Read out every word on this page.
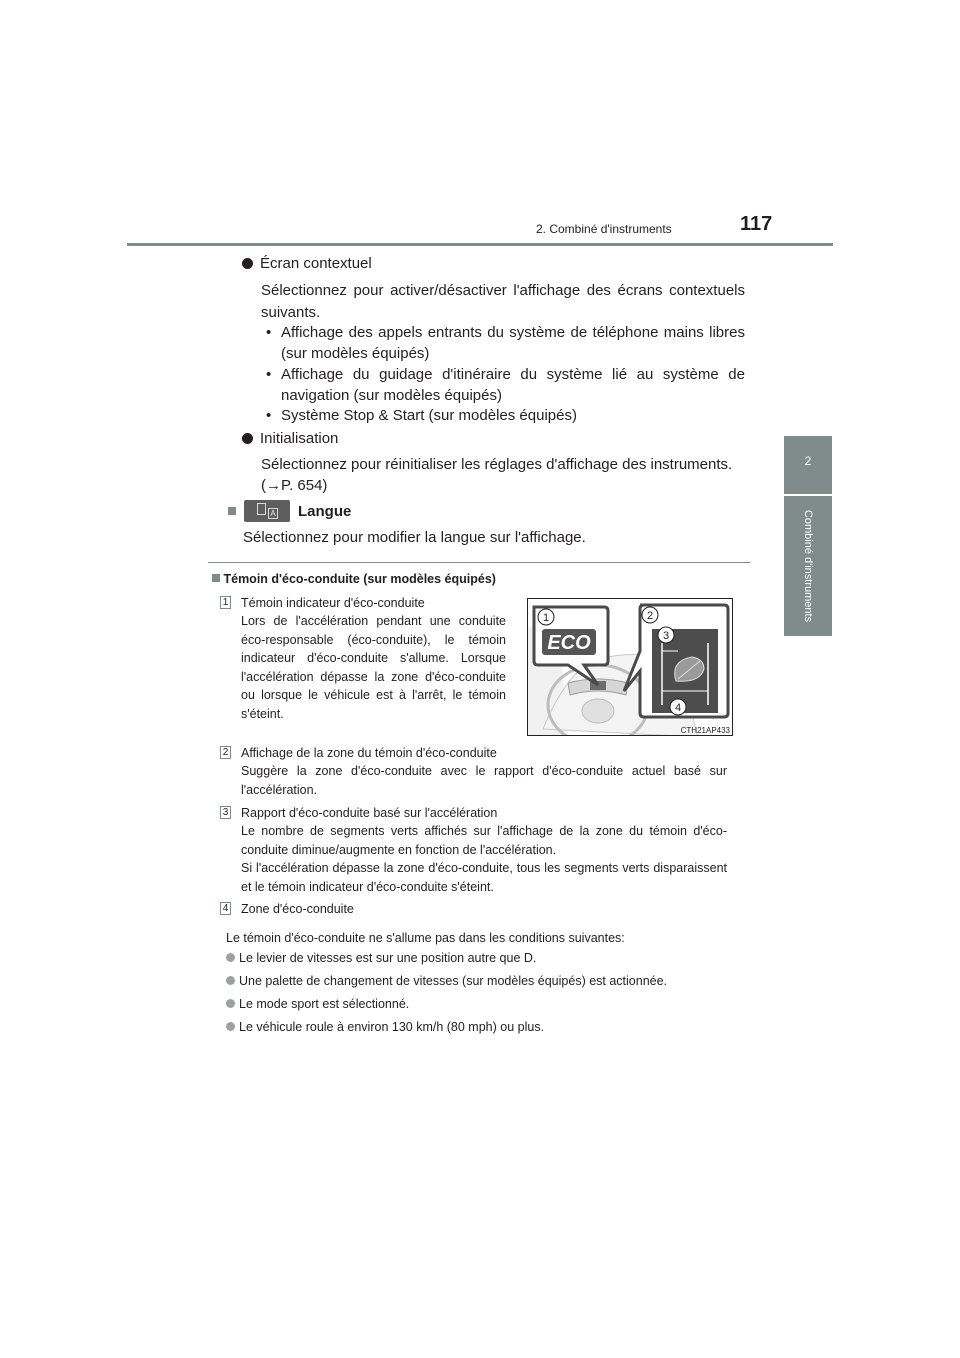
2. Combiné d'instruments	117
2
Combiné d'instruments
Écran contextuel
Sélectionnez pour activer/désactiver l'affichage des écrans contextuels suivants.
• Affichage des appels entrants du système de téléphone mains libres (sur modèles équipés)
• Affichage du guidage d'itinéraire du système lié au système de navigation (sur modèles équipés)
• Système Stop & Start (sur modèles équipés)
Initialisation
Sélectionnez pour réinitialiser les réglages d'affichage des instruments.
(→P. 654)
A Langue
Sélectionnez pour modifier la langue sur l'affichage.
Témoin d'éco-conduite (sur modèles équipés)
1 Témoin indicateur d'éco-conduite
Lors de l'accélération pendant une conduite éco-responsable (éco-conduite), le témoin indicateur d'éco-conduite s'allume. Lorsque l'accélération dépasse la zone d'éco-conduite ou lorsque le véhicule est à l'arrêt, le témoin s'éteint.
ECO
1	2
3
4
CTH21AP433
2 Affichage de la zone du témoin d'éco-conduite
Suggère la zone d'éco-conduite avec le rapport d'éco-conduite actuel basé sur l'accélération.
3 Rapport d'éco-conduite basé sur l'accélération
Le nombre de segments verts affichés sur l'affichage de la zone du témoin d'éco-conduite diminue/augmente en fonction de l'accélération.
Si l'accélération dépasse la zone d'éco-conduite, tous les segments verts disparaissent et le témoin indicateur d'éco-conduite s'éteint.
4 Zone d'éco-conduite
Le témoin d'éco-conduite ne s'allume pas dans les conditions suivantes:
Le levier de vitesses est sur une position autre que D.
Une palette de changement de vitesses (sur modèles équipés) est actionnée.
Le mode sport est sélectionné.
Le véhicule roule à environ 130 km/h (80 mph) ou plus.
